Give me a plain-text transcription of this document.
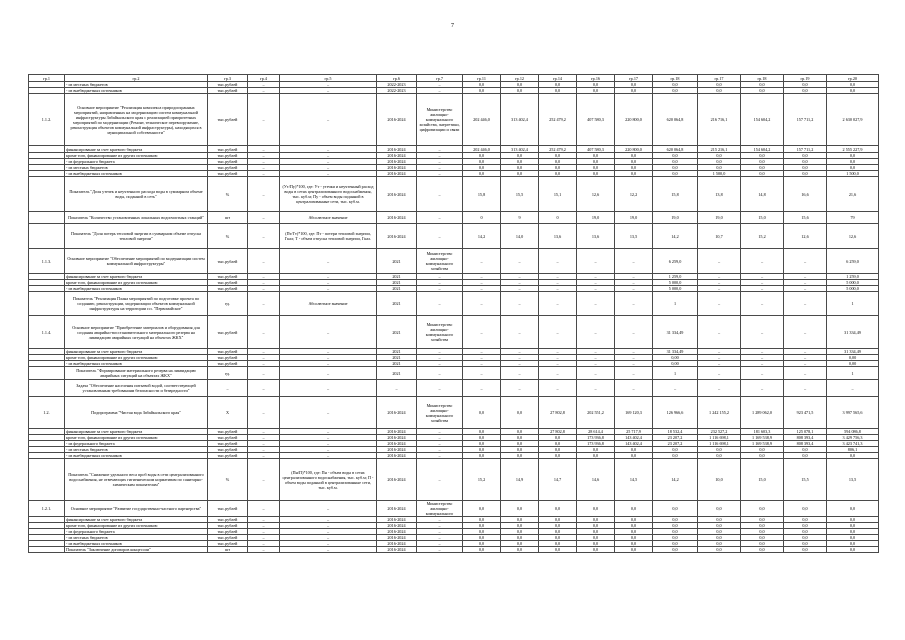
7
гр.1	гр.2	гр.3	гр.4	гр.5	гр.6	гр.7	гр.11	гр.12	гр.14	гр.16	гр.17	гр.18	гр.17	гр.18	гр.19	гр.20
	- из местных бюджетов	тыс.рублей	–	–	2022-2023	–	0,0	0,0	0,0	0,0	0,0	0,0	0,0	0,0	0,0	0,0
	- из внебюджетных источников	тыс.рублей	–	–	2022-2023	–	0,0	0,0	0,0	0,0	0,0	0,0	0,0	0,0	0,0	0,0
1.1.2.	Основное мероприятие "Реализация комплекса природоохранных мероприятий, направленных на модернизацию систем коммунальной инфраструктуры Забайкальского края с реализацией приоритетных мероприятий по модернизации (Ремонт, техническое перевооружение, реконструкция объектов коммунальной инфраструктуры), находящихся в муниципальной собственности"	тыс.рублей	–	–	2016-2024	Министерство жилищно-коммунального хозяйства, энергетики, цифровизации и связи	202 446,0	313 402,4	252 479,2	407 580,3	220 800,0	620 064,8	216 716,1	154 604,2	157 711,2	2 630 027,9
	финансирование за счет краевого бюджета	тыс.рублей	–	–	2016-2024	–	202 446,0	313 402,4	252 479,2	407 580,3	220 800,0	620 064,8	215 216,1	154 604,2	157 711,2	2 555 227,9
	кроме того, финансирование из других источников:	тыс.рублей	–	–	2016-2024	–	0,0	0,0	0,0	0,0	0,0	0,0	0,0	0,0	0,0	0,0
	- из федерального бюджета	тыс.рублей	–	–	2016-2024	–	0,0	0,0	0,0	0,0	0,0	0,0	0,0	0,0	0,0	0,0
	- из местных бюджетов	тыс.рублей	–	–	2016-2024	–	0,0	0,0	0,0	0,0	0,0	0,0	0,0	0,0	0,0	0,0
	- из внебюджетных источников	тыс.рублей	–	–	2016-2024	–	0,0	0,0	0,0	0,0	0,0	0,0	1 500,0	0,0	0,0	1 500,0
	Показатель "Доля утечек и неучтенного расхода воды в суммарном объеме воды, поданной в сеть"	%	–	(Ут/Пу)*100, где: Ут - утечки и неучтенный расход воды в сетях централизованного водоснабжения, тыс. куб.м; Пу - объем воды поданной в централизованные сети, тыс. куб.м.	2016-2024	–	15,8	15,5	15,1	12,6	12,2	15,8	13,8	14,8	16,6	21,6
	Показатель "Количество установленных локальных водоочистных станций"	шт	–	Абсолютное значение	2016-2024	–	0	9	0	19,0	19,0	19,0	19,0	15,0	15,6	79
	Показатель "Доля потерь тепловой энергии в суммарном объеме отпуска тепловой энергии"	%	–	(Пт/Гт)*100, где: Пт - потери тепловой энергии, Гкал; Т - объем отпуска тепловой энергии, Гкал.	2016-2024	–	14,2	14,0	13,6	13,6	13,5	14,2	10,7	15,2	12,6	12,6
1.1.3.	Основное мероприятие "Обеспечение мероприятий по модернизации систем коммунальной инфраструктуры"	тыс.рублей	–	–	2021	Министерство жилищно-коммунального хозяйства	–	–	–	–	–	6 259,0	–	–	–	6 259,0
	финансирование за счет краевого бюджета	тыс.рублей	–	–	2021	–	–	–	–	–	–	1 259,0	–	–	–	1 259,0
	кроме того, финансирование из других источников:	тыс.рублей	–	–	2021	–	–	–	–	–	–	5 000,0	–	–	–	5 000,0
	- из внебюджетных источников	тыс.рублей	–	–	2021	–	–	–	–	–	–	5 000,0	–	–	–	5 000,0
	Показатель "Реализация Плана мероприятий по подготовке проекта по созданию, реконструкции, модернизации объектов коммунальной инфраструктуры на территории г.п. "Первомайское"	ед.	–	Абсолютное значение	2021	–	–	–	–	–	–	1	–	–	–	1
1.1.4.	Основное мероприятие "Приобретение материалов и оборудования для создания аварийно-восстановительного материального резерва на ликвидацию аварийных ситуаций на объектах ЖКХ"	тыс.рублей	–	–	2021	Министерство жилищно-коммунального хозяйства	–	–	–	–	–	31 334,49	–	–	–	31 334,49
	финансирование за счет краевого бюджета	тыс.рублей	–	–	2021	–	–	–	–	–	–	31 334,49	–	–	–	31 334,49
	кроме того, финансирование из других источников:	тыс.рублей	–	–	2021	–	–	–	–	–	–	0,00	–	–	–	0,00
	- из внебюджетных источников	тыс.рублей	–	–	2021	–	–	–	–	–	–	0,00	–	–	–	0,00
	Показатель "Формирование материального резерва на ликвидацию аварийных ситуаций на объектах ЖКХ"	ед.	–	–	2021	–	–	–	–	–	–	1	–	–	–	1
	Задача "Обеспечение населения питьевой водой, соответствующей установленным требованиям безопасности и безвредности"	–	–	–	–	–	–	–	–	–	–	–	–	–	–	–
1.2.	Подпрограмма "Чистая вода Забайкальского края"	Х	–	–	2016-2024	Министерство жилищно-коммунального хозяйства	0,0	0,0	27 802,8	202 551,2	169 120,3	126 966,6	1 242 155,2	1 289 062,0	923 471,5	3 997 565,6
	финансирование за счет краевого бюджета	тыс.рублей	–	–	2016-2024	–	0,0	0,0	27 802,8	28 614,4	25 717,9	18 532,4	232 527,2	181 603,3	125 078,1	594 086,8
	кроме того, финансирование из других источников:	тыс.рублей	–	–	2016-2024	–	0,0	0,0	0,0	173 936,8	143 402,4	23 207,2	1 116 698,1	1 169 538,9	808 393,4	3 429 756,3
	- из федерального бюджета	тыс.рублей	–	–	2016-2024	–	0,0	0,0	0,0	173 936,8	143 402,4	23 207,2	1 116 698,1	1 169 538,9	808 393,4	3 423 741,3
	- из местных бюджетов	тыс.рублей	–	–	2016-2024	–	0,0	0,0	0,0	0,0	0,0	0,0	0,0	0,0	0,0	806,1
	- из внебюджетных источников	тыс.рублей	–	–	2016-2024	–	0,0	0,0	0,0	0,0	0,0	0,0	0,0	0,0	0,0	0,0
	Показатель "Снижение удельного веса проб воды в сети централизованного водоснабжения, не отвечающих гигиеническим нормативам по санитарно-химическим показателям"	%	–	(Пн/П)*100, где: Пн - объем воды в сетях централизованного водоснабжения, тыс. куб.м; П - объем воды поданной в централизованные сети, тыс. куб.м.	2016-2024	–	15,2	14,9	14,7	14,6	14,5	14,2	10,0	15,0	15,5	13,5
1.2.1.	Основное мероприятие "Развитие государственно-частного партнерства"	тыс.рублей	–	–	2016-2024	Министерство жилищно-коммунального	0,0	0,0	0,0	0,0	0,0	0,0	0,0	0,0	0,0	0,0
	финансирование за счет краевого бюджета	тыс.рублей	–	–	2016-2024	–	0,0	0,0	0,0	0,0	0,0	0,0	0,0	0,0	0,0	0,0
	кроме того, финансирование из других источников:	тыс.рублей	–	–	2016-2024	–	0,0	0,0	0,0	0,0	0,0	0,0	0,0	0,0	0,0	0,0
	- из федерального бюджета	тыс.рублей	–	–	2016-2024	–	0,0	0,0	0,0	0,0	0,0	0,0	0,0	0,0	0,0	0,0
	- из местных бюджетов	тыс.рублей	–	–	2016-2024	–	0,0	0,0	0,0	0,0	0,0	0,0	0,0	0,0	0,0	0,0
	- из внебюджетных источников	тыс.рублей	–	–	2016-2024	–	0,0	0,0	0,0	0,0	0,0	0,0	0,0	0,0	0,0	0,0
	Показатель "Заключение договоров концессии"	шт	–	–	2016-2024	–	0,0	0,0	0,0	0,0	0,0	0,0	0,0	0,0	0,0	0,0
